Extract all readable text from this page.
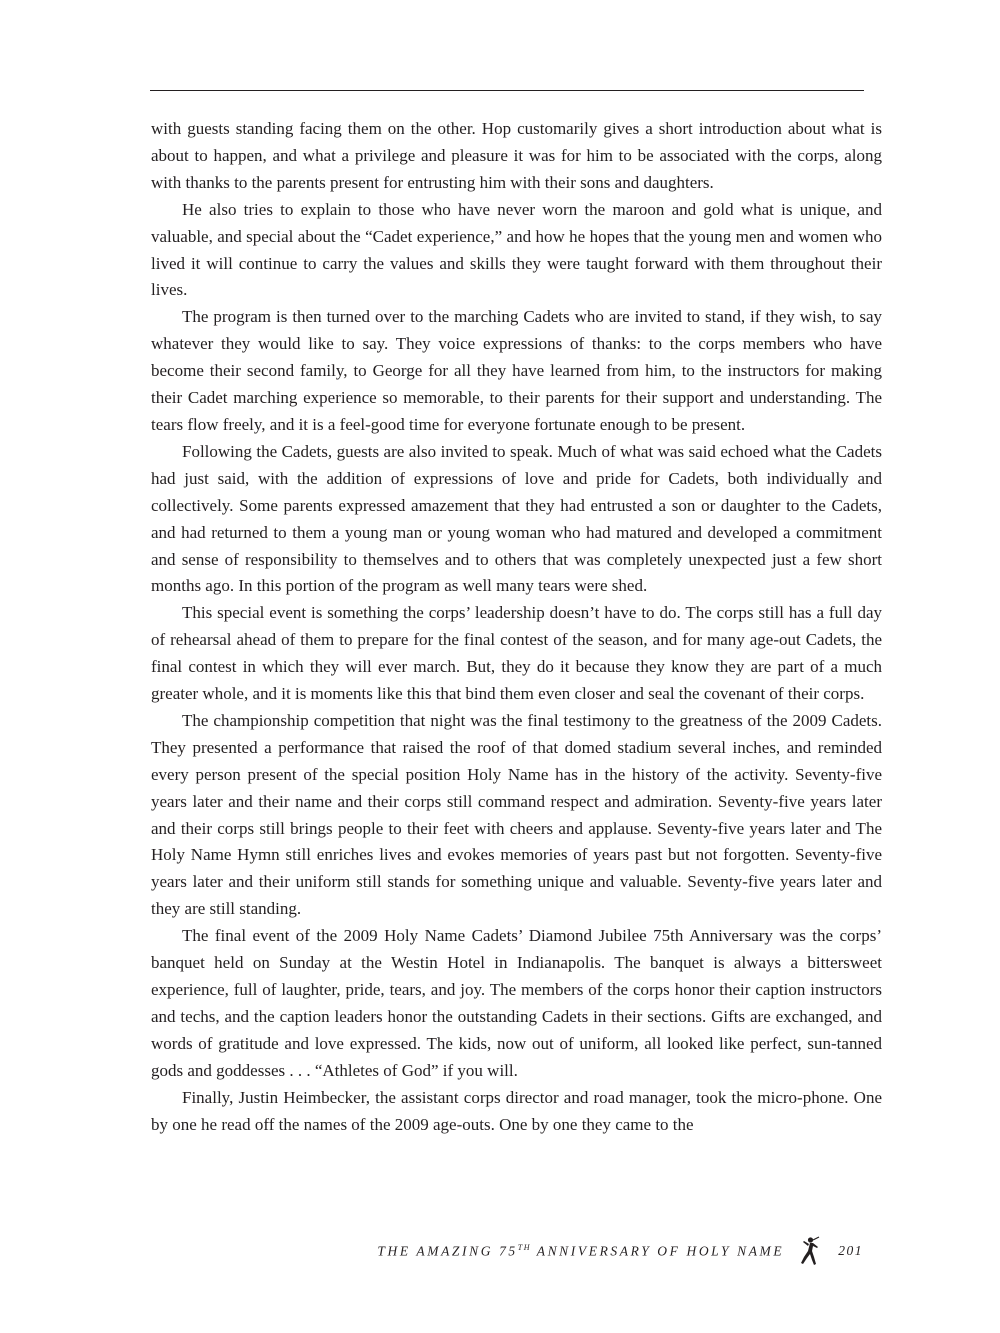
with guests standing facing them on the other. Hop customarily gives a short introduction about what is about to happen, and what a privilege and pleasure it was for him to be associated with the corps, along with thanks to the parents present for entrusting him with their sons and daughters.

He also tries to explain to those who have never worn the maroon and gold what is unique, and valuable, and special about the “Cadet experience,” and how he hopes that the young men and women who lived it will continue to carry the values and skills they were taught forward with them throughout their lives.

The program is then turned over to the marching Cadets who are invited to stand, if they wish, to say whatever they would like to say. They voice expressions of thanks: to the corps members who have become their second family, to George for all they have learned from him, to the instructors for making their Cadet marching experience so memorable, to their parents for their support and understanding. The tears flow freely, and it is a feel-good time for everyone fortunate enough to be present.

Following the Cadets, guests are also invited to speak. Much of what was said echoed what the Cadets had just said, with the addition of expressions of love and pride for Cadets, both individually and collectively. Some parents expressed amazement that they had entrusted a son or daughter to the Cadets, and had returned to them a young man or young woman who had matured and developed a commitment and sense of responsibility to themselves and to others that was completely unexpected just a few short months ago. In this portion of the program as well many tears were shed.

This special event is something the corps’ leadership doesn’t have to do. The corps still has a full day of rehearsal ahead of them to prepare for the final contest of the season, and for many age-out Cadets, the final contest in which they will ever march. But, they do it because they know they are part of a much greater whole, and it is moments like this that bind them even closer and seal the covenant of their corps.

The championship competition that night was the final testimony to the greatness of the 2009 Cadets. They presented a performance that raised the roof of that domed stadium several inches, and reminded every person present of the special position Holy Name has in the history of the activity. Seventy-five years later and their name and their corps still command respect and admiration. Seventy-five years later and their corps still brings people to their feet with cheers and applause. Seventy-five years later and The Holy Name Hymn still enriches lives and evokes memories of years past but not forgotten. Seventy-five years later and their uniform still stands for something unique and valuable. Seventy-five years later and they are still standing.

The final event of the 2009 Holy Name Cadets’ Diamond Jubilee 75th Anniversary was the corps’ banquet held on Sunday at the Westin Hotel in Indianapolis. The banquet is always a bittersweet experience, full of laughter, pride, tears, and joy. The members of the corps honor their caption instructors and techs, and the caption leaders honor the outstanding Cadets in their sections. Gifts are exchanged, and words of gratitude and love expressed. The kids, now out of uniform, all looked like perfect, sun-tanned gods and goddesses . . . “Athletes of God” if you will.

Finally, Justin Heimbecker, the assistant corps director and road manager, took the micro-phone. One by one he read off the names of the 2009 age-outs. One by one they came to the

THE AMAZING 75TH ANNIVERSARY OF HOLY NAME	201
